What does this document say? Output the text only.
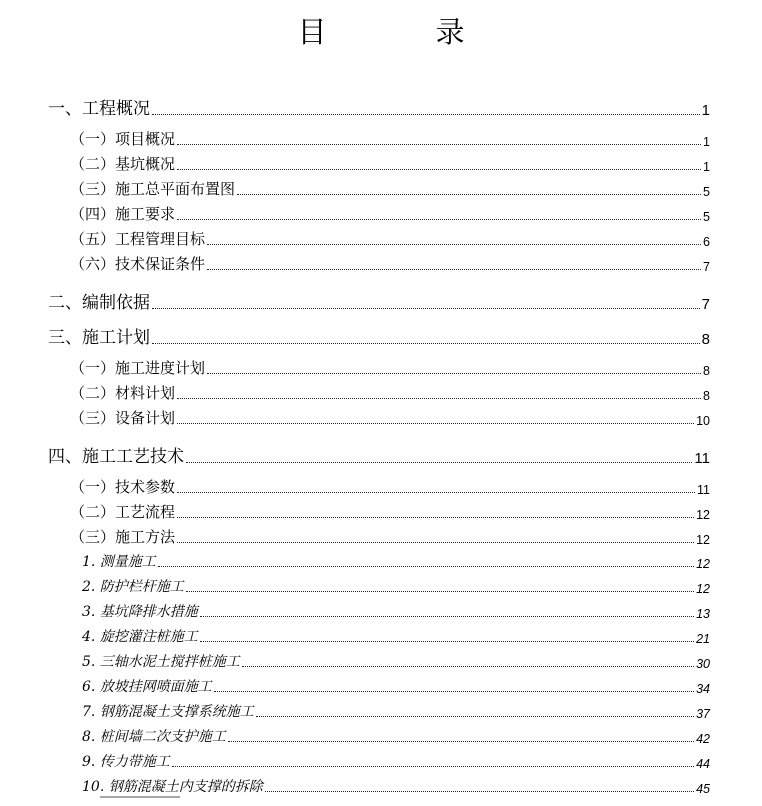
目　录
一、工程概况	1
（一）项目概况	1
（二）基坑概况	1
（三）施工总平面布置图	5
（四）施工要求	5
（五）工程管理目标	6
（六）技术保证条件	7
二、编制依据	7
三、施工计划	8
（一）施工进度计划	8
（二）材料计划	8
（三）设备计划	10
四、施工工艺技术	11
（一）技术参数	11
（二）工艺流程	12
（三）施工方法	12
1. 测量施工	12
2. 防护栏杆施工	12
3. 基坑降排水措施	13
4. 旋挖灌注桩施工	21
5. 三轴水泥土搅拌桩施工	30
6. 放坡挂网喷面施工	34
7. 钢筋混凝土支撑系统施工	37
8. 桩间墙二次支护施工	42
9. 传力带施工	44
10. 钢筋混凝土内支撑的拆除	45
